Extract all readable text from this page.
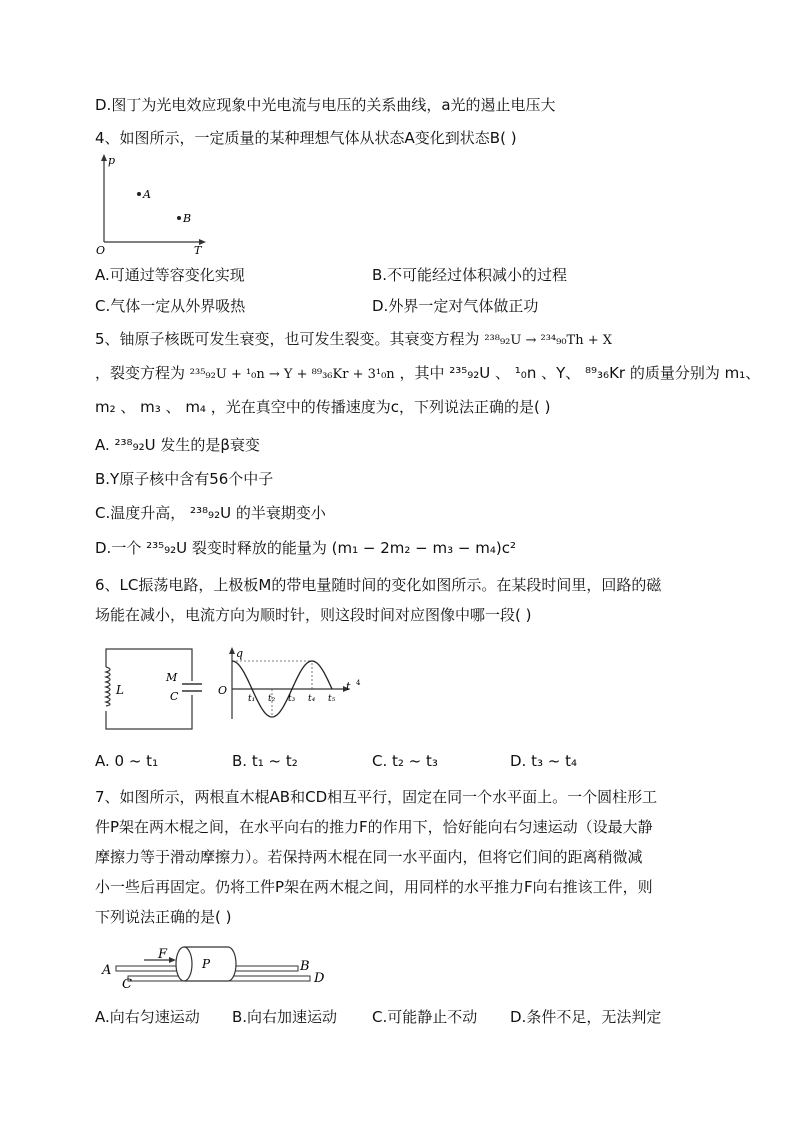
D.图丁为光电效应现象中光电流与电压的关系曲线，a光的遏止电压大
4、如图所示，一定质量的某种理想气体从状态A变化到状态B( )
p
T
O
A
B
A.可通过等容变化实现	B.不可能经过体积减小的过程
C.气体一定从外界吸热	D.外界一定对气体做正功
5、铀原子核既可发生衰变，也可发生裂变。其衰变方程为 ²³⁸₉₂U → ²³⁴₉₀Th + X
，裂变方程为 ²³⁵₉₂U + ¹₀n → Y + ⁸⁹₃₆Kr + 3¹₀n ，其中 ²³⁵₉₂U 、 ¹₀n 、Y、 ⁸⁹₃₆Kr 的质量分别为 m₁、
m₂ 、 m₃ 、 m₄ ，光在真空中的传播速度为c，下列说法正确的是( )
A. ²³⁸₉₂U 发生的是β衰变
B.Y原子核中含有56个中子
C.温度升高， ²³⁸₉₂U 的半衰期变小
D.一个 ²³⁵₉₂U 裂变时释放的能量为 (m₁ − 2m₂ − m₃ − m₄)c²
6、LC振荡电路，上极板M的带电量随时间的变化如图所示。在某段时间里，回路的磁
场能在减小，电流方向为顺时针，则这段时间对应图像中哪一段( )
L
M
C
q
O	t 4
t₁ t₂ t₃ t₄ t₅
A. 0 ~ t₁	B. t₁ ~ t₂	C. t₂ ~ t₃	D. t₃ ~ t₄
7、如图所示，两根直木棍AB和CD相互平行，固定在同一个水平面上。一个圆柱形工
件P架在两木棍之间，在水平向右的推力F的作用下，恰好能向右匀速运动（设最大静
摩擦力等于滑动摩擦力）。若保持两木棍在同一水平面内，但将它们间的距离稍微减
小一些后再固定。仍将工件P架在两木棍之间，用同样的水平推力F向右推该工件，则
下列说法正确的是( )
F
P
A	B
C	D
A.向右匀速运动 B.向右加速运动 C.可能静止不动 D.条件不足，无法判定
